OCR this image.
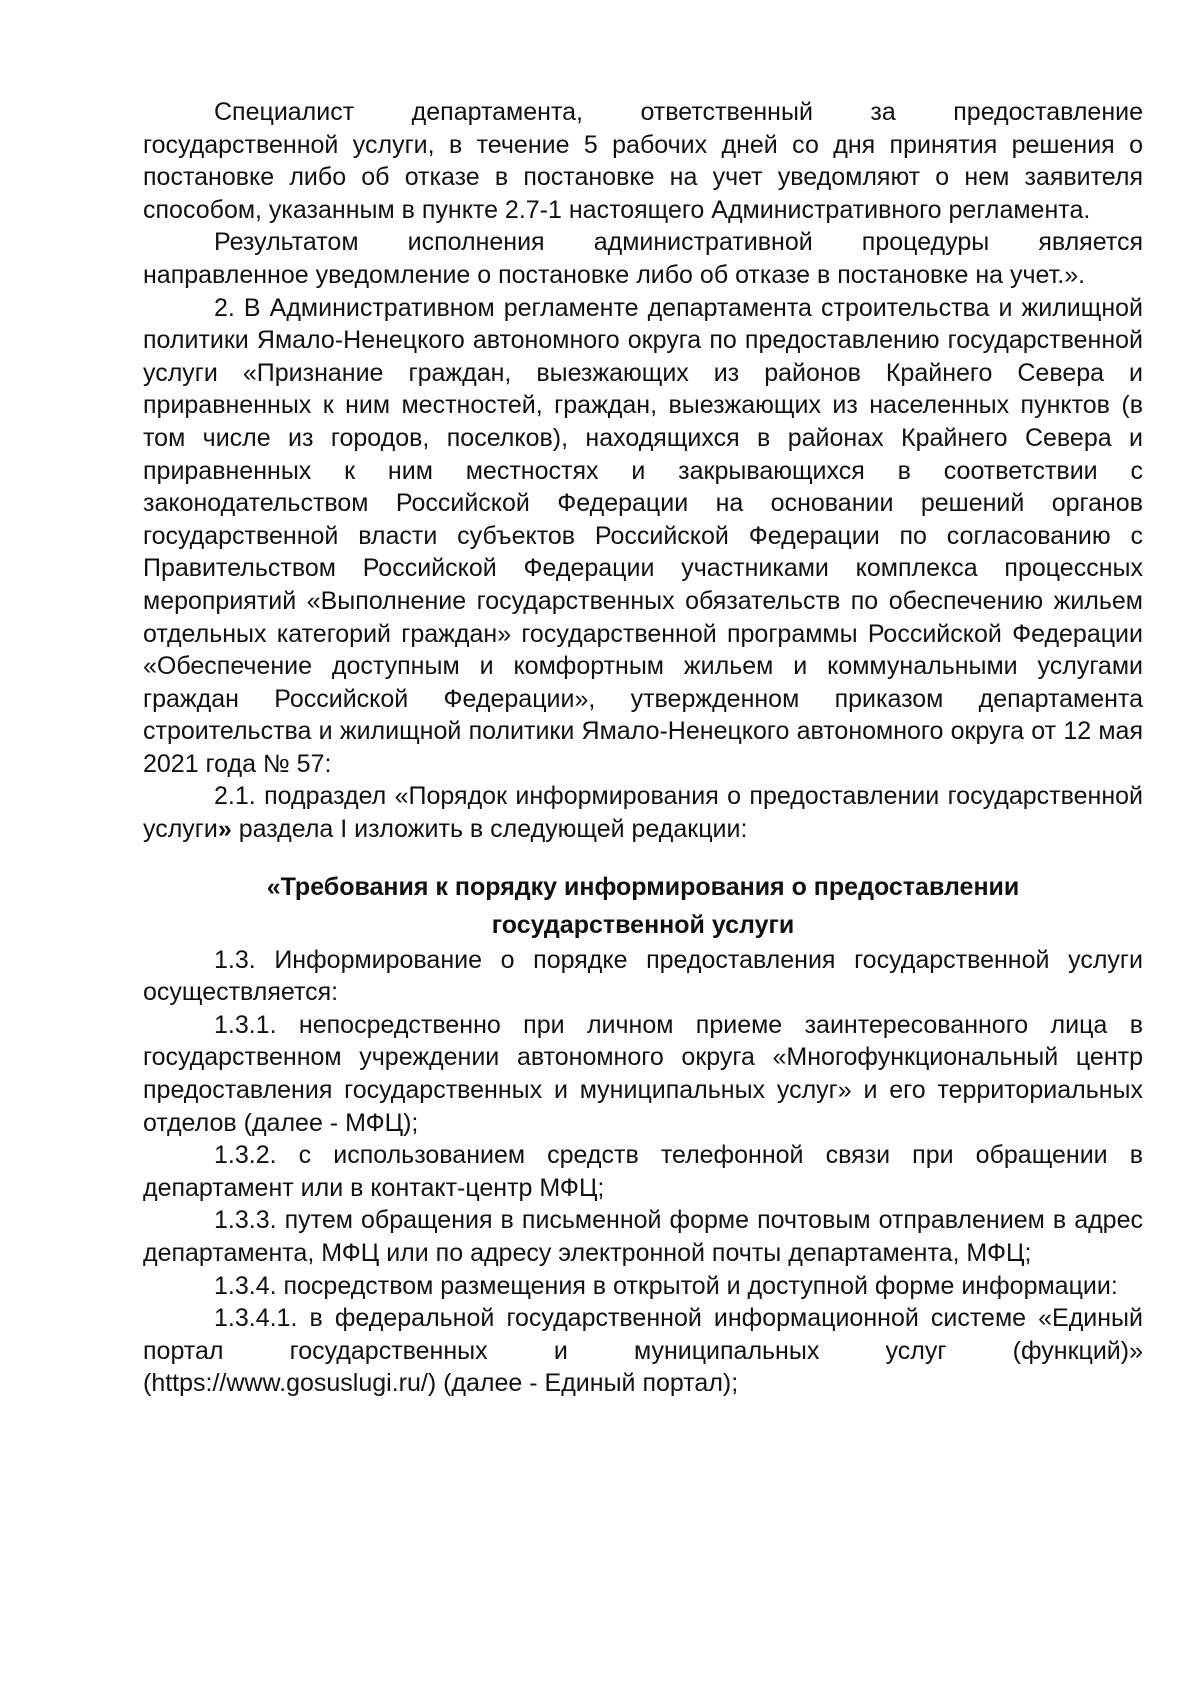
Специалист департамента, ответственный за предоставление государственной услуги, в течение 5 рабочих дней со дня принятия решения о постановке либо об отказе в постановке на учет уведомляют о нем заявителя способом, указанным в пункте 2.7-1 настоящего Административного регламента.

Результатом исполнения административной процедуры является направленное уведомление о постановке либо об отказе в постановке на учет.».

2. В Административном регламенте департамента строительства и жилищной политики Ямало-Ненецкого автономного округа по предоставлению государственной услуги «Признание граждан, выезжающих из районов Крайнего Севера и приравненных к ним местностей, граждан, выезжающих из населенных пунктов (в том числе из городов, поселков), находящихся в районах Крайнего Севера и приравненных к ним местностях и закрывающихся в соответствии с законодательством Российской Федерации на основании решений органов государственной власти субъектов Российской Федерации по согласованию с Правительством Российской Федерации участниками комплекса процессных мероприятий «Выполнение государственных обязательств по обеспечению жильем отдельных категорий граждан» государственной программы Российской Федерации «Обеспечение доступным и комфортным жильем и коммунальными услугами граждан Российской Федерации», утвержденном приказом департамента строительства и жилищной политики Ямало-Ненецкого автономного округа от 12 мая 2021 года № 57:

2.1. подраздел «Порядок информирования о предоставлении государственной услуги» раздела I изложить в следующей редакции:

«Требования к порядку информирования о предоставлении
государственной услуги

1.3. Информирование о порядке предоставления государственной услуги осуществляется:

1.3.1. непосредственно при личном приеме заинтересованного лица в государственном учреждении автономного округа «Многофункциональный центр предоставления государственных и муниципальных услуг» и его территориальных отделов (далее - МФЦ);

1.3.2. с использованием средств телефонной связи при обращении в департамент или в контакт-центр МФЦ;

1.3.3. путем обращения в письменной форме почтовым отправлением в адрес департамента, МФЦ или по адресу электронной почты департамента, МФЦ;

1.3.4. посредством размещения в открытой и доступной форме информации:

1.3.4.1. в федеральной государственной информационной системе «Единый портал государственных и муниципальных услуг (функций)» (https://www.gosuslugi.ru/) (далее - Единый портал);
